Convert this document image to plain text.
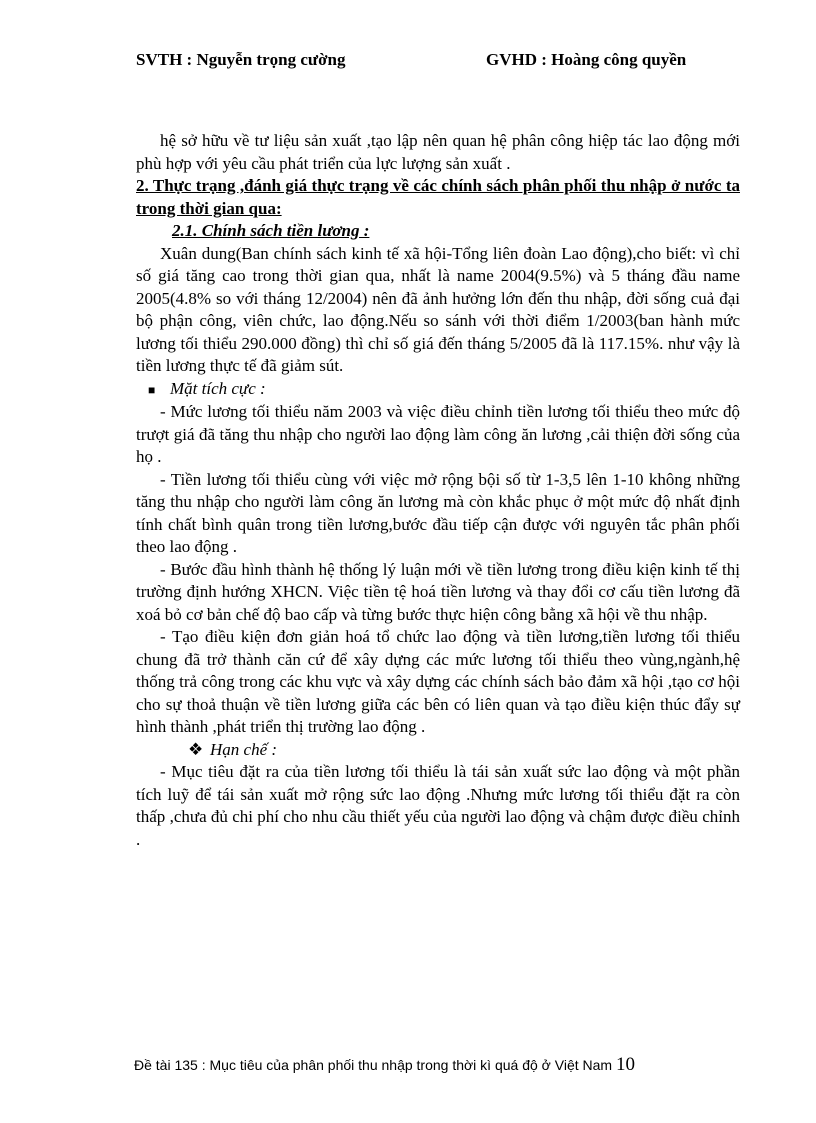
SVTH : Nguyễn trọng cường	GVHD : Hoàng công quyền

hệ sở hữu về tư liệu sản xuất ,tạo lập nên quan hệ phân công hiệp tác lao động mới phù hợp với yêu cầu phát triển của lực lượng sản xuất .

2. Thực trạng ,đánh giá thực trạng về các chính sách phân phối thu nhập ở nước ta trong thời gian qua:

2.1. Chính sách tiền lương :

Xuân dung(Ban chính sách kinh tế xã hội-Tổng liên đoàn Lao động),cho biết: vì chỉ số giá tăng cao trong thời gian qua, nhất là name 2004(9.5%) và 5 tháng đầu name 2005(4.8% so với tháng 12/2004) nên đã ảnh hưởng lớn đến thu nhập, đời sống cuả đại bộ phận công, viên chức, lao động.Nếu so sánh với thời điểm 1/2003(ban hành mức lương tối thiểu 290.000 đồng) thì chỉ số giá đến tháng 5/2005 đã là 117.15%. như vậy là tiền lương thực tế đã giảm sút.

■ Mặt tích cực :

- Mức lương tối thiểu năm 2003 và việc điều chỉnh tiền lương tối thiểu theo mức độ trượt giá đã tăng thu nhập cho người lao động làm công ăn lương ,cải thiện đời sống của họ .

- Tiền lương tối thiểu cùng với việc mở rộng bội số từ 1-3,5 lên 1-10 không những tăng thu nhập cho người làm công ăn lương mà còn khắc phục ở một mức độ nhất định tính chất bình quân trong tiền lương,bước đầu tiếp cận được với nguyên tắc phân phối theo lao động .

- Bước đầu hình thành hệ thống lý luận mới về tiền lương trong điều kiện kinh tế thị trường định hướng XHCN. Việc tiền tệ hoá tiền lương và thay đổi cơ cấu tiền lương đã xoá bỏ cơ bản chế độ bao cấp và từng bước thực hiện công bằng xã hội về thu nhập.

- Tạo điều kiện đơn giản hoá tổ chức lao động và tiền lương,tiền lương tối thiểu chung đã trở thành căn cứ để xây dựng các mức lương tối thiểu theo vùng,ngành,hệ thống trả công trong các khu vực và xây dựng các chính sách bảo đảm xã hội ,tạo cơ hội cho sự thoả thuận về tiền lương giữa các bên có liên quan và tạo điều kiện thúc đẩy sự hình thành ,phát triển thị trường lao động .

❖ Hạn chế :

- Mục tiêu đặt ra của tiền lương tối thiểu là tái sản xuất sức lao động và một phần tích luỹ để tái sản xuất mở rộng sức lao động .Nhưng mức lương tối thiểu đặt ra còn thấp ,chưa đủ chi phí cho nhu cầu thiết yếu của người lao động và chậm được điều chỉnh .

Đề tài 135 : Mục tiêu của phân phối thu nhập trong thời kì quá độ ở Việt Nam 10
